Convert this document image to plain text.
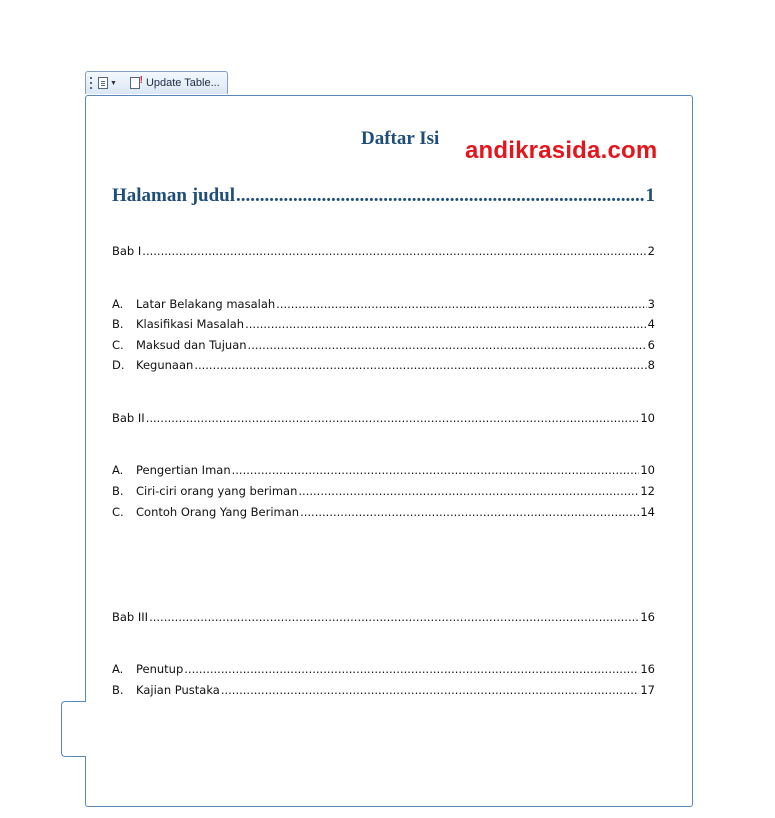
▼ ! Update Table...
Daftar Isi andikrasida.com
Halaman judul .....	1
Bab I .....	2
A.	Latar Belakang masalah .....	3
B.	Klasifikasi Masalah .....	4
C.	Maksud dan Tujuan .....	6
D. Kegunaan .....	8
Bab II .....	10
A.	Pengertian Iman .....	10
B.	Ciri-ciri orang yang beriman .....	12
C.	Contoh Orang Yang Beriman .....	14
Bab III .....	16
A.	Penutup .....	16
B.	Kajian Pustaka .....	17
